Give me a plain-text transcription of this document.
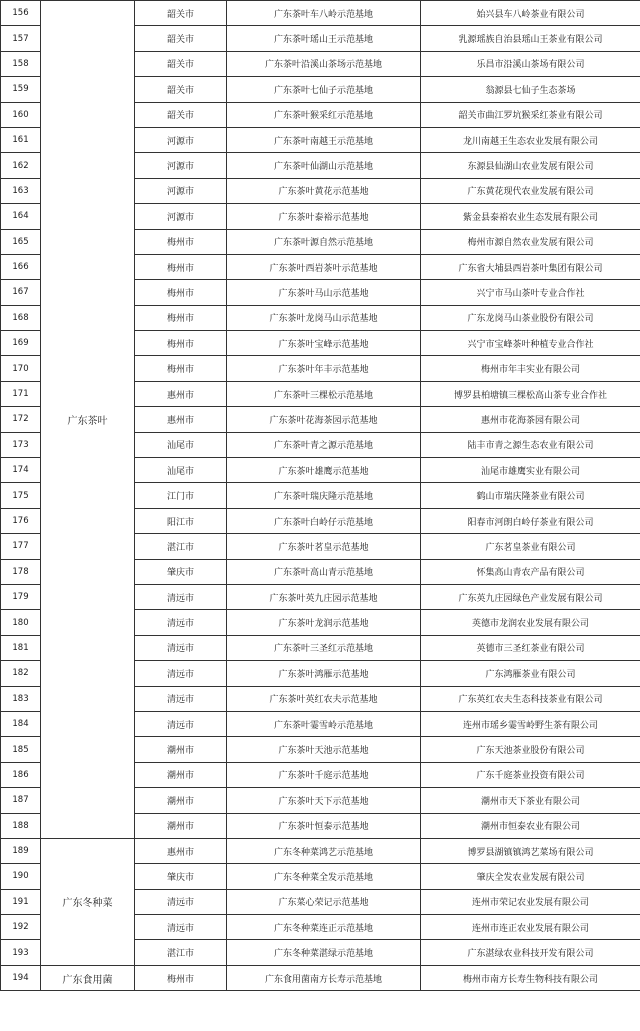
156	广东茶叶	韶关市	广东茶叶车八岭示范基地	始兴县车八岭茶业有限公司
157		韶关市	广东茶叶瑶山王示范基地	乳源瑶族自治县瑶山王茶业有限公司
158		韶关市	广东茶叶沿溪山茶场示范基地	乐昌市沿溪山茶场有限公司
159		韶关市	广东茶叶七仙子示范基地	翁源县七仙子生态茶场
160		韶关市	广东茶叶猴采红示范基地	韶关市曲江罗坑猴采红茶业有限公司
161		河源市	广东茶叶南越王示范基地	龙川南越王生态农业发展有限公司
162		河源市	广东茶叶仙湖山示范基地	东源县仙湖山农业发展有限公司
163		河源市	广东茶叶黄花示范基地	广东黄花现代农业发展有限公司
164		河源市	广东茶叶泰裕示范基地	紫金县泰裕农业生态发展有限公司
165		梅州市	广东茶叶源自然示范基地	梅州市源自然农业发展有限公司
166		梅州市	广东茶叶西岩茶叶示范基地	广东省大埔县西岩茶叶集团有限公司
167		梅州市	广东茶叶马山示范基地	兴宁市马山茶叶专业合作社
168		梅州市	广东茶叶龙岗马山示范基地	广东龙岗马山茶业股份有限公司
169		梅州市	广东茶叶宝峰示范基地	兴宁市宝峰茶叶种植专业合作社
170		梅州市	广东茶叶年丰示范基地	梅州市年丰实业有限公司
171		惠州市	广东茶叶三棵松示范基地	博罗县柏塘镇三棵松高山茶专业合作社
172		惠州市	广东茶叶花海茶园示范基地	惠州市花海茶园有限公司
173		汕尾市	广东茶叶青之源示范基地	陆丰市青之源生态农业有限公司
174		汕尾市	广东茶叶雄鹰示范基地	汕尾市雄鹰实业有限公司
175		江门市	广东茶叶瑞庆隆示范基地	鹤山市瑞庆隆茶业有限公司
176		阳江市	广东茶叶白岭仔示范基地	阳春市河朗白岭仔茶业有限公司
177		湛江市	广东茶叶茗皇示范基地	广东茗皇茶业有限公司
178		肇庆市	广东茶叶高山青示范基地	怀集高山青农产品有限公司
179		清远市	广东茶叶英九庄园示范基地	广东英九庄园绿色产业发展有限公司
180		清远市	广东茶叶龙润示范基地	英德市龙润农业发展有限公司
181		清远市	广东茶叶三圣红示范基地	英德市三圣红茶业有限公司
182		清远市	广东茶叶鸿雁示范基地	广东鸿雁茶业有限公司
183		清远市	广东茶叶英红农夫示范基地	广东英红农夫生态科技茶业有限公司
184		清远市	广东茶叶霎雪岭示范基地	连州市瑶乡霎雪岭野生茶有限公司
185		潮州市	广东茶叶天池示范基地	广东天池茶业股份有限公司
186		潮州市	广东茶叶千庭示范基地	广东千庭茶业投资有限公司
187		潮州市	广东茶叶天下示范基地	潮州市天下茶业有限公司
188		潮州市	广东茶叶恒泰示范基地	潮州市恒泰农业有限公司
189	广东冬种菜	惠州市	广东冬种菜鸿艺示范基地	博罗县湖镇镇鸿艺菜场有限公司
190		肇庆市	广东冬种菜全发示范基地	肇庆全发农业发展有限公司
191		清远市	广东菜心荣记示范基地	连州市荣记农业发展有限公司
192		清远市	广东冬种菜连正示范基地	连州市连正农业发展有限公司
193		湛江市	广东冬种菜湛绿示范基地	广东湛绿农业科技开发有限公司
194	广东食用菌	梅州市	广东食用菌南方长寿示范基地	梅州市南方长寿生物科技有限公司
